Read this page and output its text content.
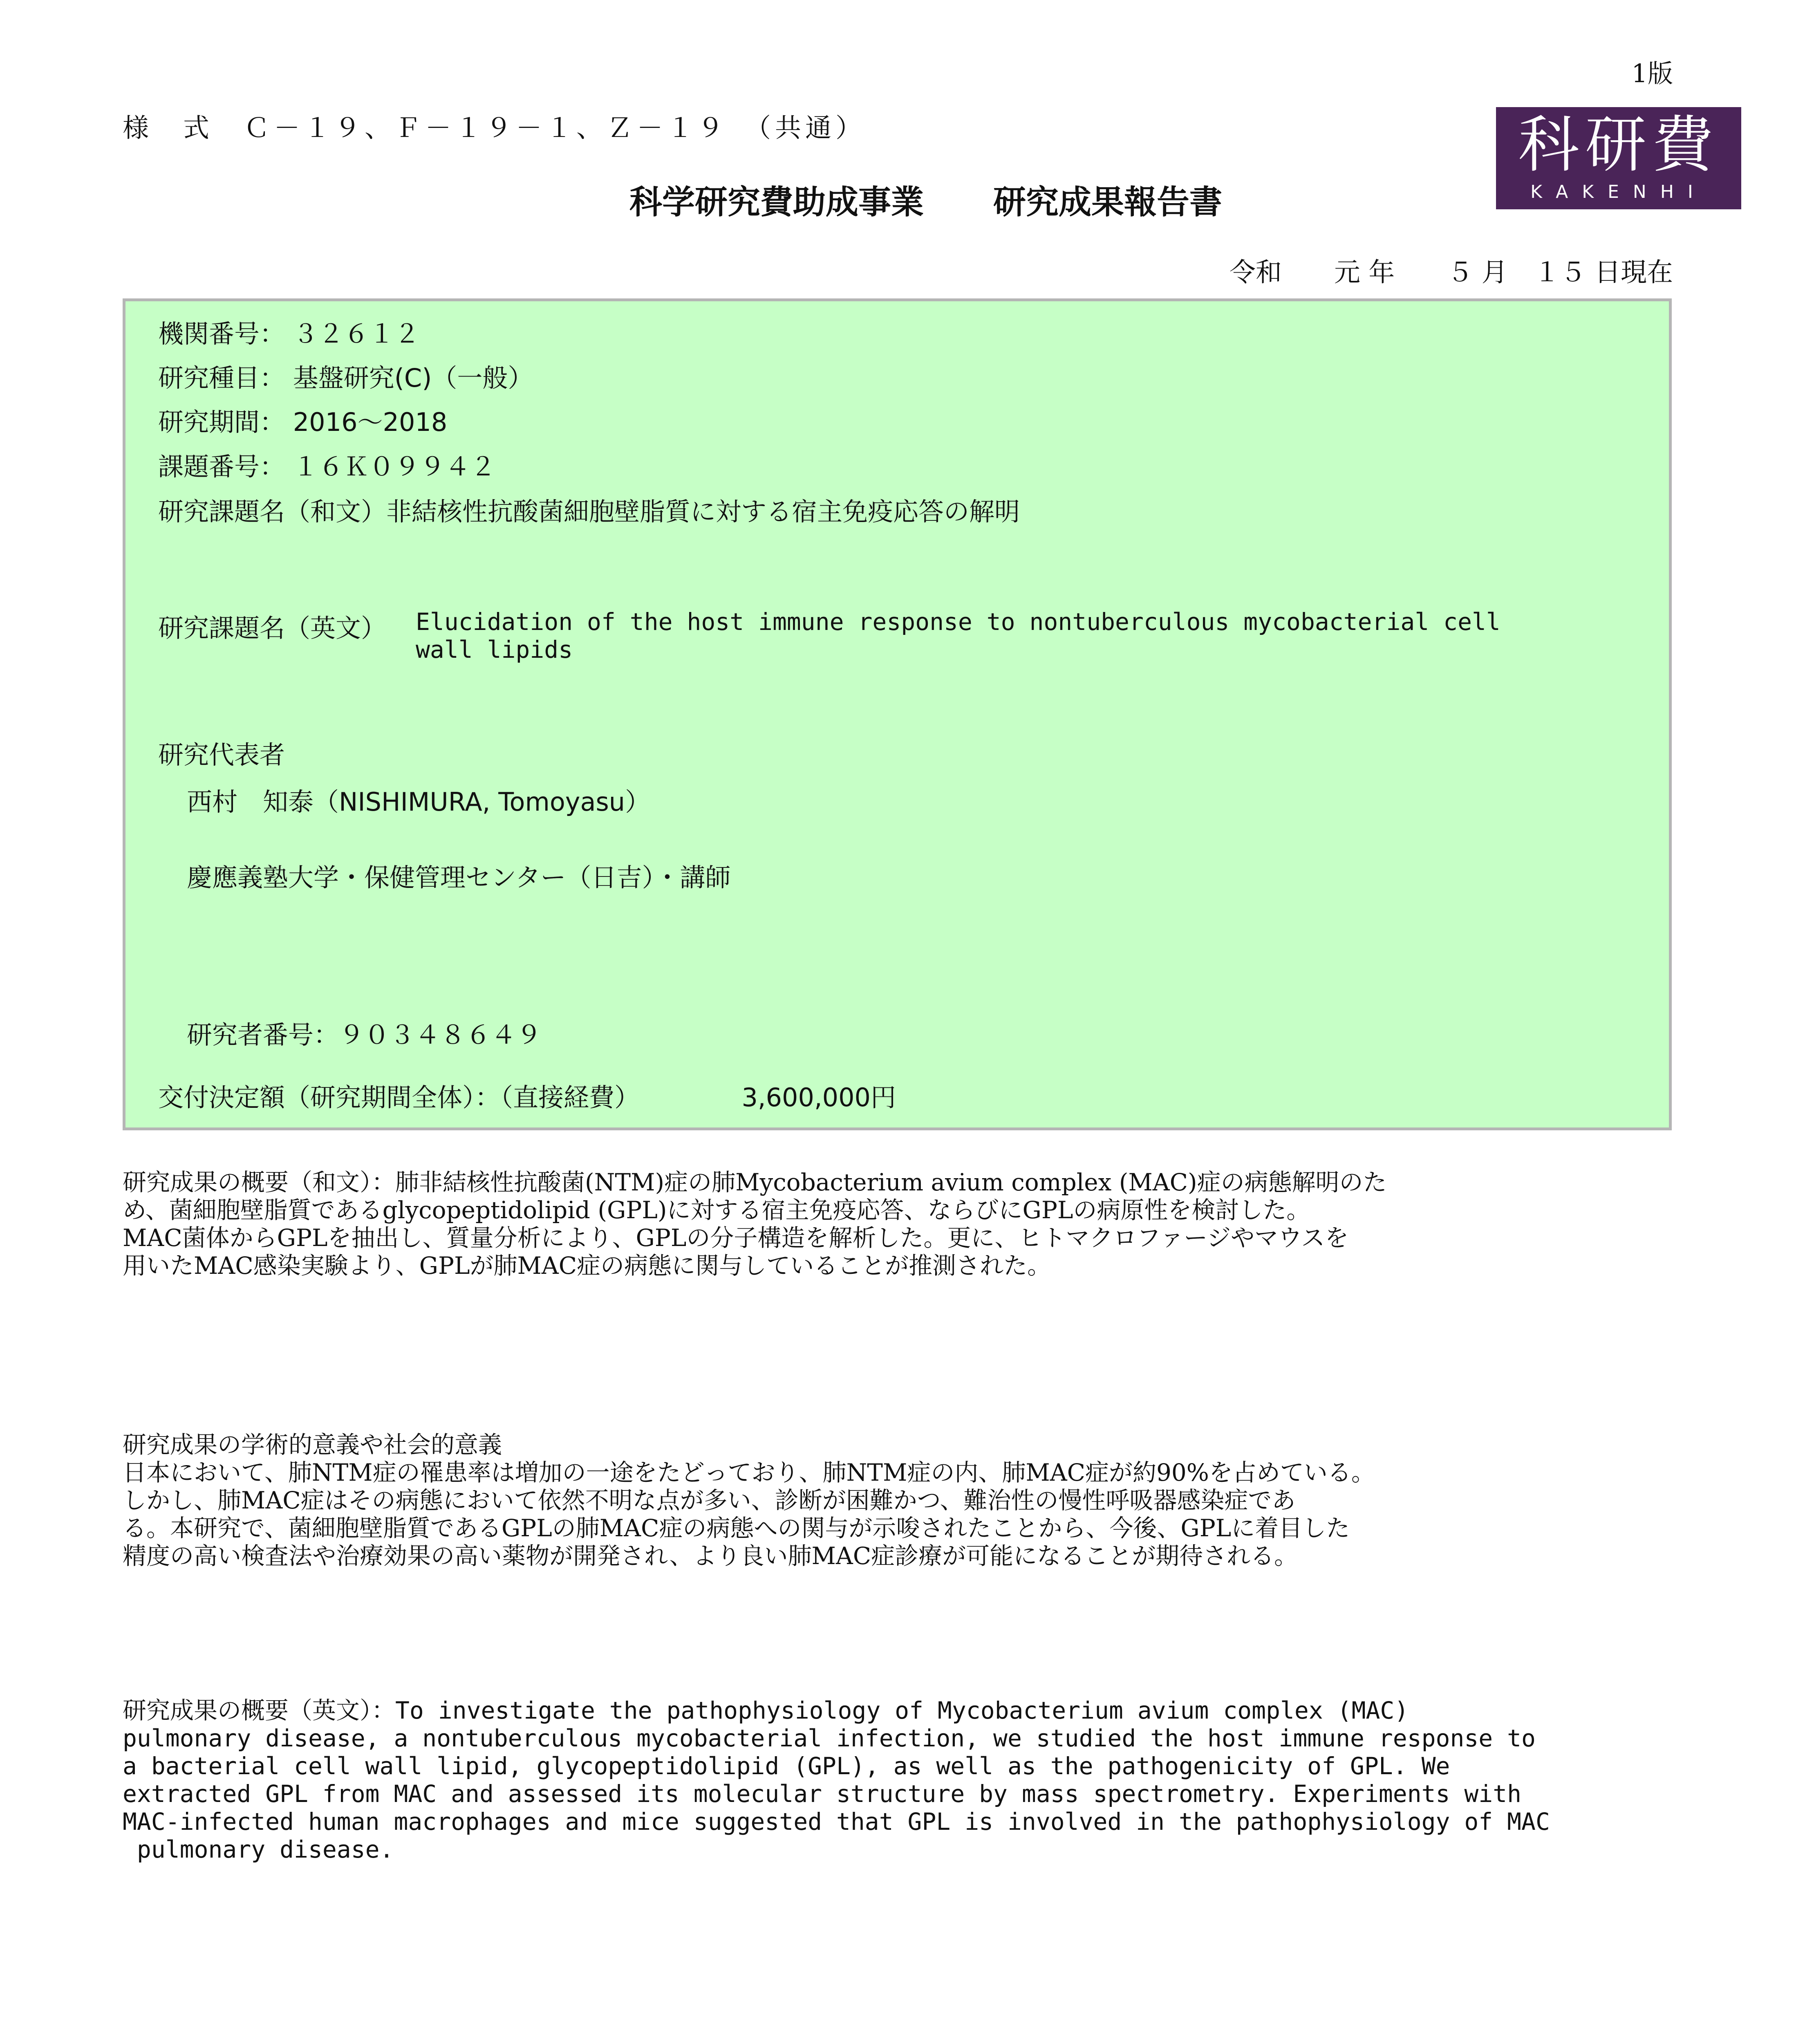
1版
様　式　Ｃ－１９、Ｆ－１９－１、Ｚ－１９　（共通）	科研費
KAKENHI
科学研究費助成事業 研究成果報告書
令和　　元 年　　５ 月　１５ 日現在
機関番号： ３２６１２
研究種目： 基盤研究(C)（一般）
研究期間： 2016～2018
課題番号： １６Ｋ０９９４２
研究課題名（和文）非結核性抗酸菌細胞壁脂質に対する宿主免疫応答の解明
研究課題名（英文） Elucidation of the host immune response to nontuberculous mycobacterial cell
wall lipids
研究代表者
西村　知泰（NISHIMURA, Tomoyasu）
慶應義塾大学・保健管理センター（日吉）・講師
研究者番号：９０３４８６４９
交付決定額（研究期間全体）：（直接経費）	3,600,000円
研究成果の概要（和文）：肺非結核性抗酸菌(NTM)症の肺Mycobacterium avium complex (MAC)症の病態解明のた
め、菌細胞壁脂質であるglycopeptidolipid (GPL)に対する宿主免疫応答、ならびにGPLの病原性を検討した。
MAC菌体からGPLを抽出し、質量分析により、GPLの分子構造を解析した。更に、ヒトマクロファージやマウスを
用いたMAC感染実験より、GPLが肺MAC症の病態に関与していることが推測された。
研究成果の学術的意義や社会的意義
日本において、肺NTM症の罹患率は増加の一途をたどっており、肺NTM症の内、肺MAC症が約90%を占めている。
しかし、肺MAC症はその病態において依然不明な点が多い、診断が困難かつ、難治性の慢性呼吸器感染症であ
る。本研究で、菌細胞壁脂質であるGPLの肺MAC症の病態への関与が示唆されたことから、今後、GPLに着目した
精度の高い検査法や治療効果の高い薬物が開発され、より良い肺MAC症診療が可能になることが期待される。
研究成果の概要（英文）：To investigate the pathophysiology of Mycobacterium avium complex (MAC)
pulmonary disease, a nontuberculous mycobacterial infection, we studied the host immune response to
a bacterial cell wall lipid, glycopeptidolipid (GPL), as well as the pathogenicity of GPL. We
extracted GPL from MAC and assessed its molecular structure by mass spectrometry. Experiments with
MAC-infected human macrophages and mice suggested that GPL is involved in the pathophysiology of MAC
pulmonary disease.
